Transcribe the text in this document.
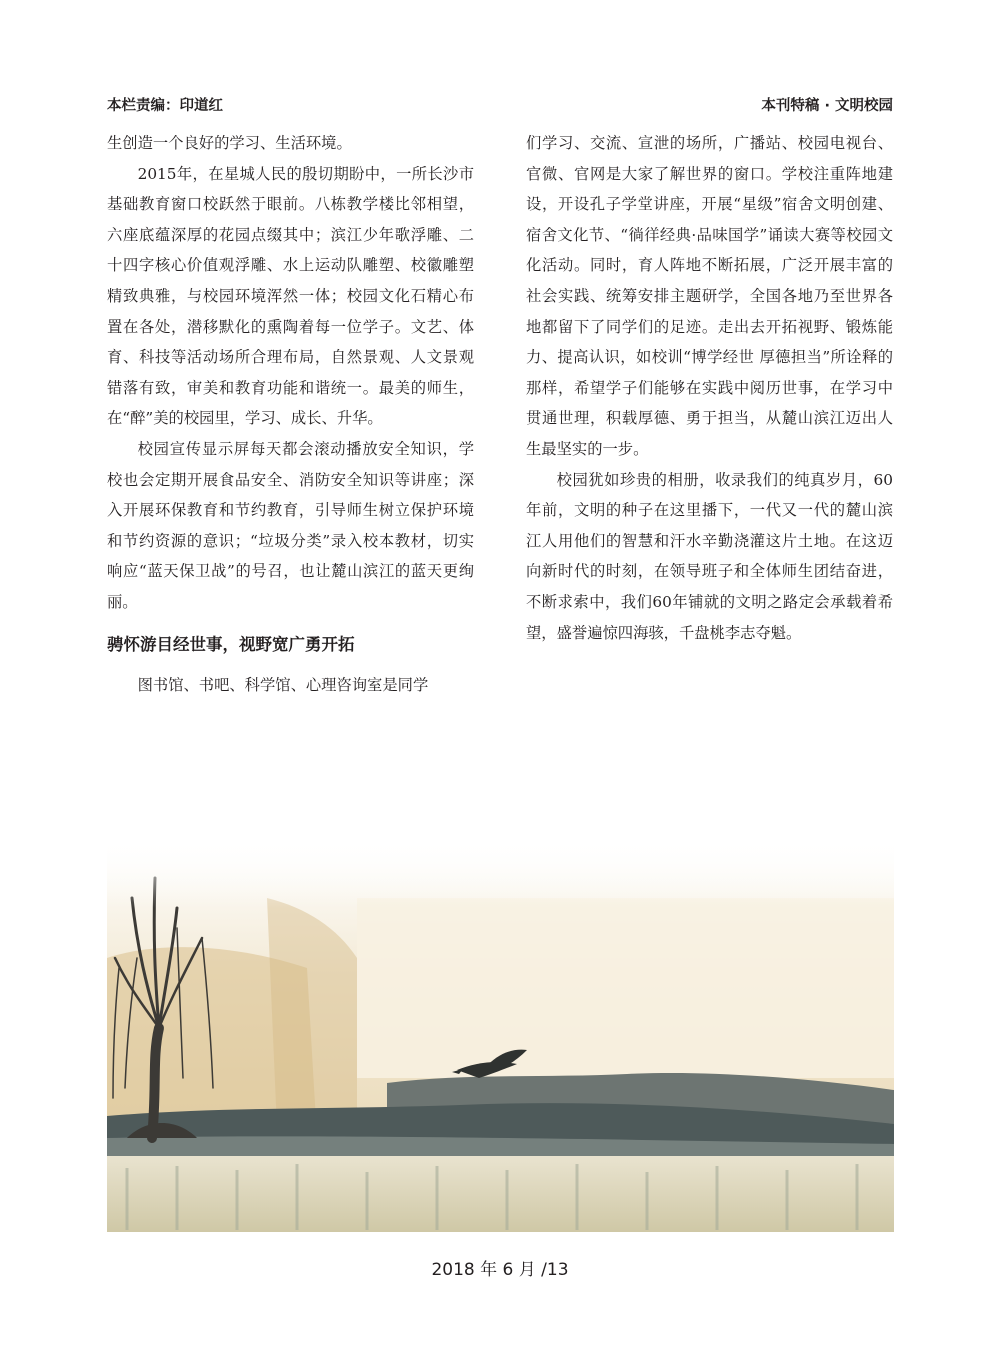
本栏责编：印道红	本刊特稿 · 文明校园

生创造一个良好的学习、生活环境。

2015年，在星城人民的殷切期盼中，一所长沙市基础教育窗口校跃然于眼前。八栋教学楼比邻相望，六座底蕴深厚的花园点缀其中；滨江少年歌浮雕、二十四字核心价值观浮雕、水上运动队雕塑、校徽雕塑精致典雅，与校园环境浑然一体；校园文化石精心布置在各处，潜移默化的熏陶着每一位学子。文艺、体育、科技等活动场所合理布局，自然景观、人文景观错落有致，审美和教育功能和谐统一。最美的师生，在“醉”美的校园里，学习、成长、升华。

校园宣传显示屏每天都会滚动播放安全知识，学校也会定期开展食品安全、消防安全知识等讲座；深入开展环保教育和节约教育，引导师生树立保护环境和节约资源的意识；“垃圾分类”录入校本教材，切实响应“蓝天保卫战”的号召，也让麓山滨江的蓝天更绚丽。

骋怀游目经世事，视野宽广勇开拓

图书馆、书吧、科学馆、心理咨询室是同学

们学习、交流、宣泄的场所，广播站、校园电视台、官微、官网是大家了解世界的窗口。学校注重阵地建设，开设孔子学堂讲座，开展“星级”宿舍文明创建、宿舍文化节、“徜徉经典·品味国学”诵读大赛等校园文化活动。同时，育人阵地不断拓展，广泛开展丰富的社会实践、统筹安排主题研学，全国各地乃至世界各地都留下了同学们的足迹。走出去开拓视野、锻炼能力、提高认识，如校训“博学经世 厚德担当”所诠释的那样，希望学子们能够在实践中阅历世事，在学习中贯通世理，积载厚德、勇于担当，从麓山滨江迈出人生最坚实的一步。

校园犹如珍贵的相册，收录我们的纯真岁月，60年前，文明的种子在这里播下，一代又一代的麓山滨江人用他们的智慧和汗水辛勤浇灌这片土地。在这迈向新时代的时刻，在领导班子和全体师生团结奋进，不断求索中，我们60年铺就的文明之路定会承载着希望，盛誉遍惊四海骇，千盘桃李志夺魁。

2018 年 6 月 /13
